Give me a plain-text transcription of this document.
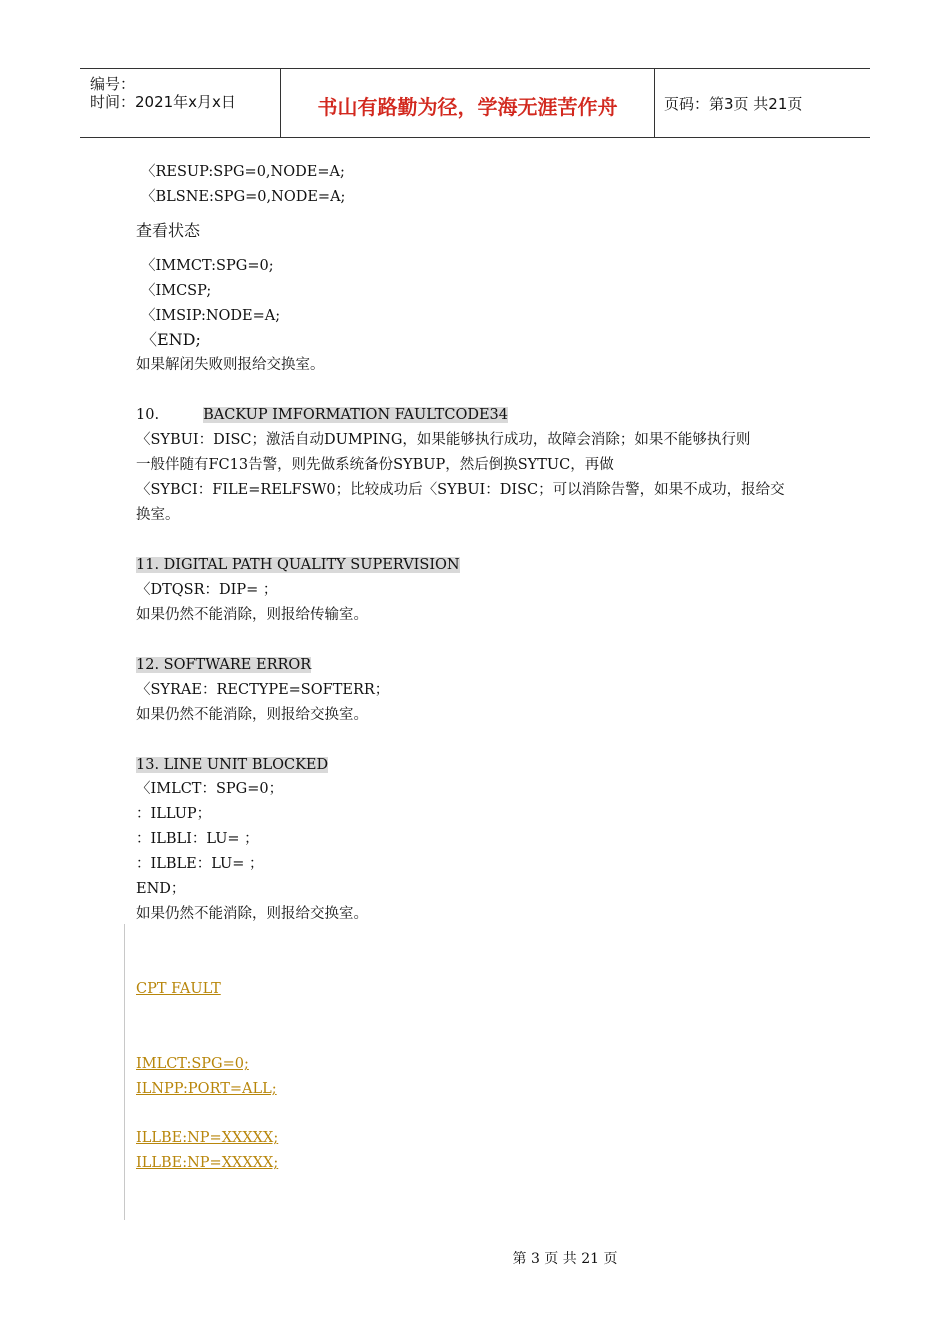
编号：
时间：2021年x月x日	书山有路勤为径，学海无涯苦作舟	页码：第3页 共21页
〈RESUP:SPG=0,NODE=A;
〈BLSNE:SPG=0,NODE=A;
查看状态
〈IMMCT:SPG=0;
〈IMCSP;
〈IMSIP:NODE=A;
〈END;
如果解闭失败则报给交换室。
10.	BACKUP IMFORMATION FAULTCODE34
〈SYBUI：DISC；激活自动DUMPING，如果能够执行成功，故障会消除；如果不能够执行则
一般伴随有FC13告警，则先做系统备份SYBUP，然后倒换SYTUC，再做
〈SYBCI：FILE=RELFSW0；比较成功后〈SYBUI：DISC；可以消除告警，如果不成功，报给交
换室。
11. DIGITAL PATH QUALITY SUPERVISION
〈DTQSR：DIP= ；
如果仍然不能消除，则报给传输室。
12. SOFTWARE ERROR
〈SYRAE：RECTYPE=SOFTERR；
如果仍然不能消除，则报给交换室。
13. LINE UNIT BLOCKED
〈IMLCT：SPG=0；
：ILLUP；
：ILBLI：LU= ；
：ILBLE：LU= ；
END；
如果仍然不能消除，则报给交换室。
CPT FAULT
IMLCT:SPG=0;
ILNPP:PORT=ALL;
ILLBE:NP=XXXXX;
ILLBE:NP=XXXXX;
第 3 页 共 21 页
